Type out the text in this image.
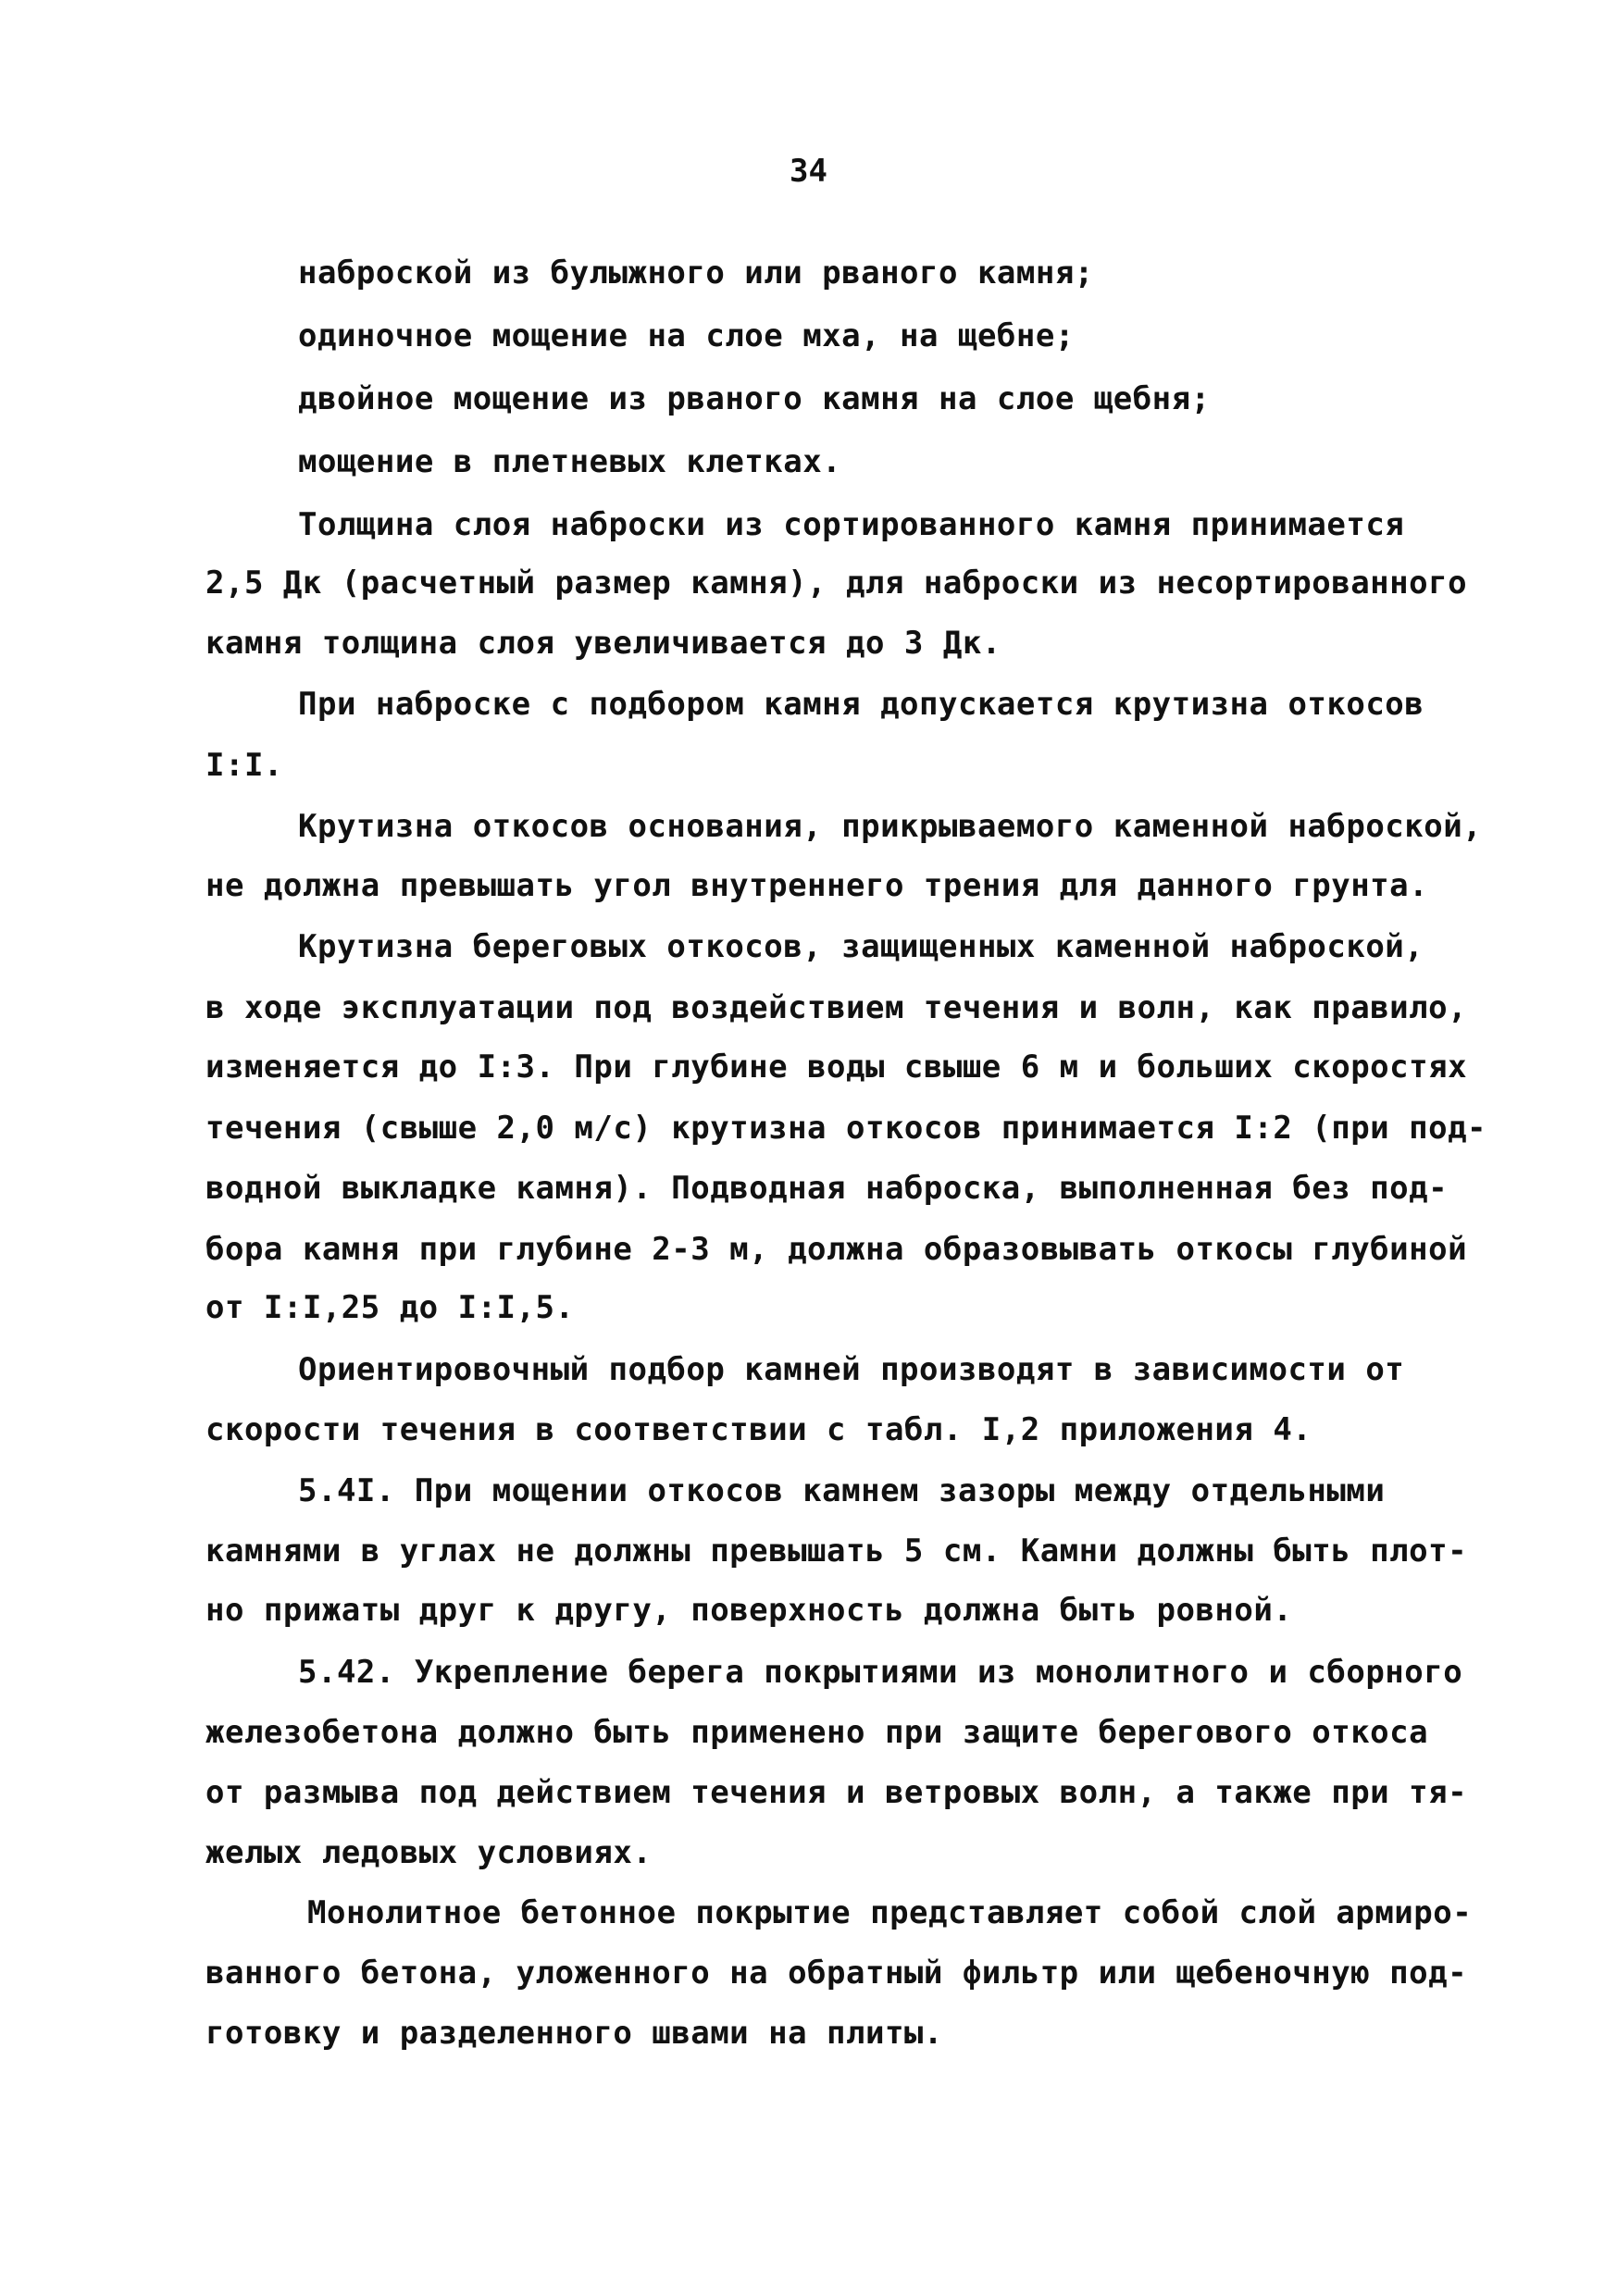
34
наброской из булыжного или рваного камня;
одиночное мощение на слое мха, на щебне;
двойное мощение из рваного камня на слое щебня;
мощение в плетневых клетках.
Толщина слоя наброски из сортированного камня принимается
2,5 Дк (расчетный размер камня), для наброски из несортированного
камня толщина слоя увеличивается до 3 Дк.
При наброске с подбором камня допускается крутизна откосов
I:I.
Крутизна откосов основания, прикрываемого каменной наброской,
не должна превышать угол внутреннего трения для данного грунта.
Крутизна береговых откосов, защищенных каменной наброской,
в ходе эксплуатации под воздействием течения и волн, как правило,
изменяется до I:3. При глубине воды свыше 6 м и больших скоростях
течения (свыше 2,0 м/с) крутизна откосов принимается I:2 (при под-
водной выкладке камня). Подводная наброска, выполненная без под-
бора камня при глубине 2-3 м, должна образовывать откосы глубиной
от I:I,25 до I:I,5.
Ориентировочный подбор камней производят в зависимости от
скорости течения в соответствии с табл. I,2 приложения 4.
5.4I. При мощении откосов камнем зазоры между отдельными
камнями в углах не должны превышать 5 см. Камни должны быть плот-
но прижаты друг к другу, поверхность должна быть ровной.
5.42. Укрепление берега покрытиями из монолитного и сборного
железобетона должно быть применено при защите берегового откоса
от размыва под действием течения и ветровых волн, а также при тя-
желых ледовых условиях.
Монолитное бетонное покрытие представляет собой слой армиро-
ванного бетона, уложенного на обратный фильтр или щебеночную под-
готовку и разделенного швами на плиты.
